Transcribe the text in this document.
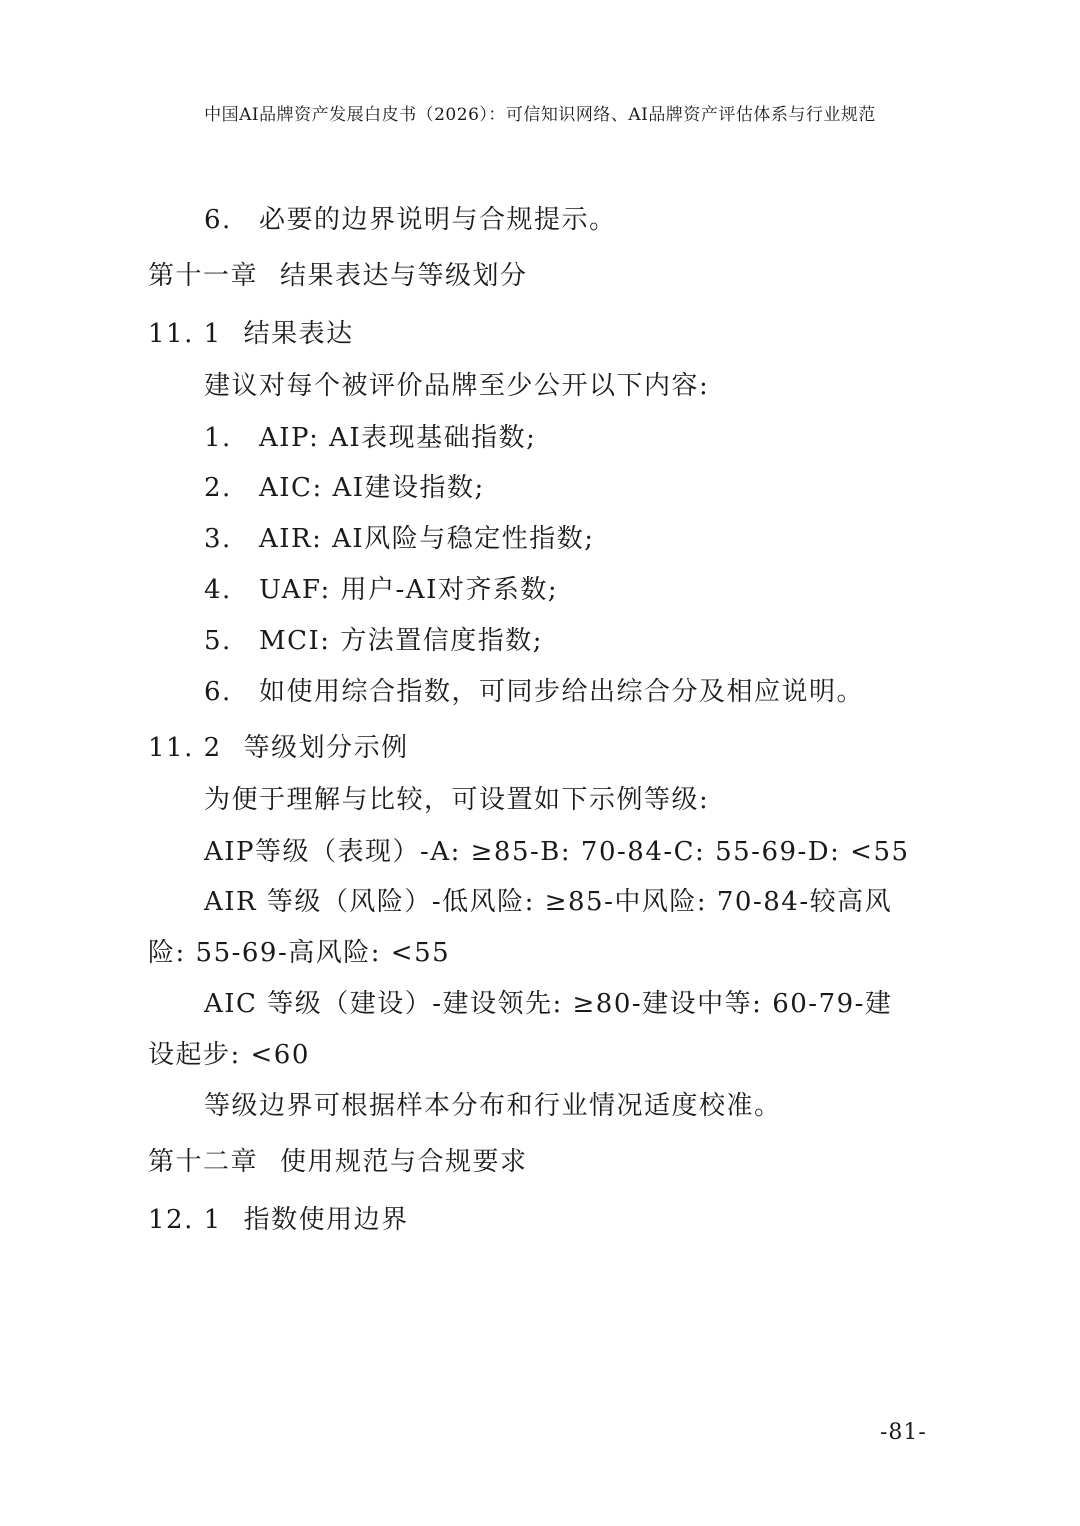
中国AI品牌资产发展白皮书（2026）：可信知识网络、AI品牌资产评估体系与行业规范
6. 必要的边界说明与合规提示。
第十一章 结果表达与等级划分
11. 1 结果表达
建议对每个被评价品牌至少公开以下内容:
1. AIP: AI表现基础指数;
2. AIC: AI建设指数;
3. AIR: AI风险与稳定性指数;
4. UAF: 用户-AI对齐系数;
5. MCI: 方法置信度指数;
6. 如使用综合指数，可同步给出综合分及相应说明。
11. 2 等级划分示例
为便于理解与比较，可设置如下示例等级:
AIP等级（表现）-A: ≥85-B: 70-84-C: 55-69-D: <55
AIR 等级（风险）-低风险: ≥85-中风险: 70-84-较高风
险: 55-69-高风险: <55
AIC 等级（建设）-建设领先: ≥80-建设中等: 60-79-建
设起步: <60
等级边界可根据样本分布和行业情况适度校准。
第十二章 使用规范与合规要求
12. 1 指数使用边界
-81-
